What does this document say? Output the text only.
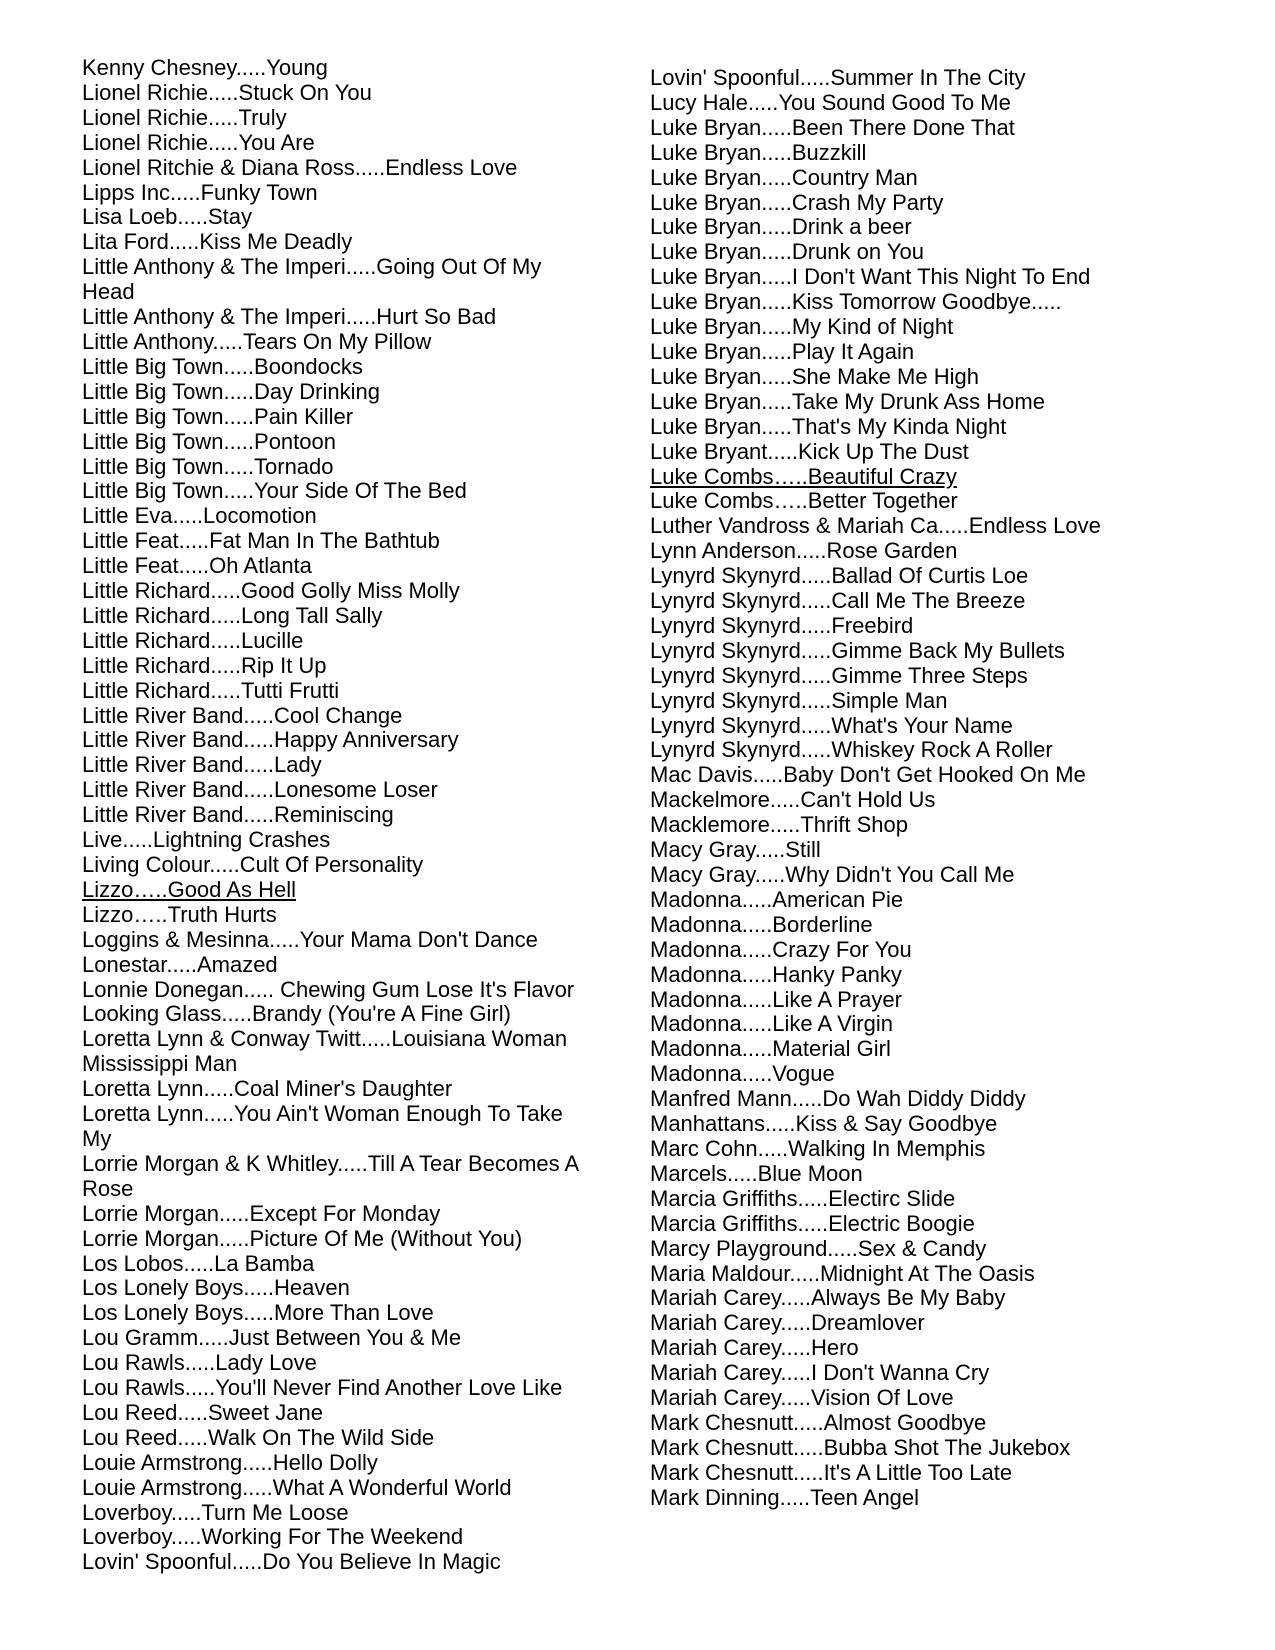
Kenny Chesney.....Young
Lionel Richie.....Stuck On You
Lionel Richie.....Truly
Lionel Richie.....You Are
Lionel Ritchie & Diana Ross.....Endless Love
Lipps Inc.....Funky Town
Lisa Loeb.....Stay
Lita Ford.....Kiss Me Deadly
Little Anthony & The Imperi.....Going Out Of My
Head
Little Anthony & The Imperi.....Hurt So Bad
Little Anthony.....Tears On My Pillow
Little Big Town.....Boondocks
Little Big Town.....Day Drinking
Little Big Town.....Pain Killer
Little Big Town.....Pontoon
Little Big Town.....Tornado
Little Big Town.....Your Side Of The Bed
Little Eva.....Locomotion
Little Feat.....Fat Man In The Bathtub
Little Feat.....Oh Atlanta
Little Richard.....Good Golly Miss Molly
Little Richard.....Long Tall Sally
Little Richard.....Lucille
Little Richard.....Rip It Up
Little Richard.....Tutti Frutti
Little River Band.....Cool Change
Little River Band.....Happy Anniversary
Little River Band.....Lady
Little River Band.....Lonesome Loser
Little River Band.....Reminiscing
Live.....Lightning Crashes
Living Colour.....Cult Of Personality
Lizzo…..Good As Hell
Lizzo…..Truth Hurts
Loggins & Mesinna.....Your Mama Don't Dance
Lonestar.....Amazed
Lonnie Donegan..... Chewing Gum Lose It's Flavor
Looking Glass.....Brandy (You're A Fine Girl)
Loretta Lynn & Conway Twitt.....Louisiana Woman
Mississippi Man
Loretta Lynn.....Coal Miner's Daughter
Loretta Lynn.....You Ain't Woman Enough To Take
My
Lorrie Morgan & K Whitley.....Till A Tear Becomes A
Rose
Lorrie Morgan.....Except For Monday
Lorrie Morgan.....Picture Of Me (Without You)
Los Lobos.....La Bamba
Los Lonely Boys.....Heaven
Los Lonely Boys.....More Than Love
Lou Gramm.....Just Between You & Me
Lou Rawls.....Lady Love
Lou Rawls.....You'll Never Find Another Love Like
Lou Reed.....Sweet Jane
Lou Reed.....Walk On The Wild Side
Louie Armstrong.....Hello Dolly
Louie Armstrong.....What A Wonderful World
Loverboy.....Turn Me Loose
Loverboy.....Working For The Weekend
Lovin' Spoonful.....Do You Believe In Magic
Lovin' Spoonful.....Summer In The City
Lucy Hale.....You Sound Good To Me
Luke Bryan.....Been There Done That
Luke Bryan.....Buzzkill
Luke Bryan.....Country Man
Luke Bryan.....Crash My Party
Luke Bryan.....Drink a beer
Luke Bryan.....Drunk on You
Luke Bryan.....I Don't Want This Night To End
Luke Bryan.....Kiss Tomorrow Goodbye.....
Luke Bryan.....My Kind of Night
Luke Bryan.....Play It Again
Luke Bryan.....She Make Me High
Luke Bryan.....Take My Drunk Ass Home
Luke Bryan.....That's My Kinda Night
Luke Bryant.....Kick Up The Dust
Luke Combs…..Beautiful Crazy
Luke Combs…..Better Together
Luther Vandross & Mariah Ca.....Endless Love
Lynn Anderson.....Rose Garden
Lynyrd Skynyrd.....Ballad Of Curtis Loe
Lynyrd Skynyrd.....Call Me The Breeze
Lynyrd Skynyrd.....Freebird
Lynyrd Skynyrd.....Gimme Back My Bullets
Lynyrd Skynyrd.....Gimme Three Steps
Lynyrd Skynyrd.....Simple Man
Lynyrd Skynyrd.....What's Your Name
Lynyrd Skynyrd.....Whiskey Rock A Roller
Mac Davis.....Baby Don't Get Hooked On Me
Mackelmore.....Can't Hold Us
Macklemore.....Thrift Shop
Macy Gray.....Still
Macy Gray.....Why Didn't You Call Me
Madonna.....American Pie
Madonna.....Borderline
Madonna.....Crazy For You
Madonna.....Hanky Panky
Madonna.....Like A Prayer
Madonna.....Like A Virgin
Madonna.....Material Girl
Madonna.....Vogue
Manfred Mann.....Do Wah Diddy Diddy
Manhattans.....Kiss & Say Goodbye
Marc Cohn.....Walking In Memphis
Marcels.....Blue Moon
Marcia Griffiths.....Electirc Slide
Marcia Griffiths.....Electric Boogie
Marcy Playground.....Sex & Candy
Maria Maldour.....Midnight At The Oasis
Mariah Carey.....Always Be My Baby
Mariah Carey.....Dreamlover
Mariah Carey.....Hero
Mariah Carey.....I Don't Wanna Cry
Mariah Carey.....Vision Of Love
Mark Chesnutt.....Almost Goodbye
Mark Chesnutt.....Bubba Shot The Jukebox
Mark Chesnutt.....It's A Little Too Late
Mark Dinning.....Teen Angel
